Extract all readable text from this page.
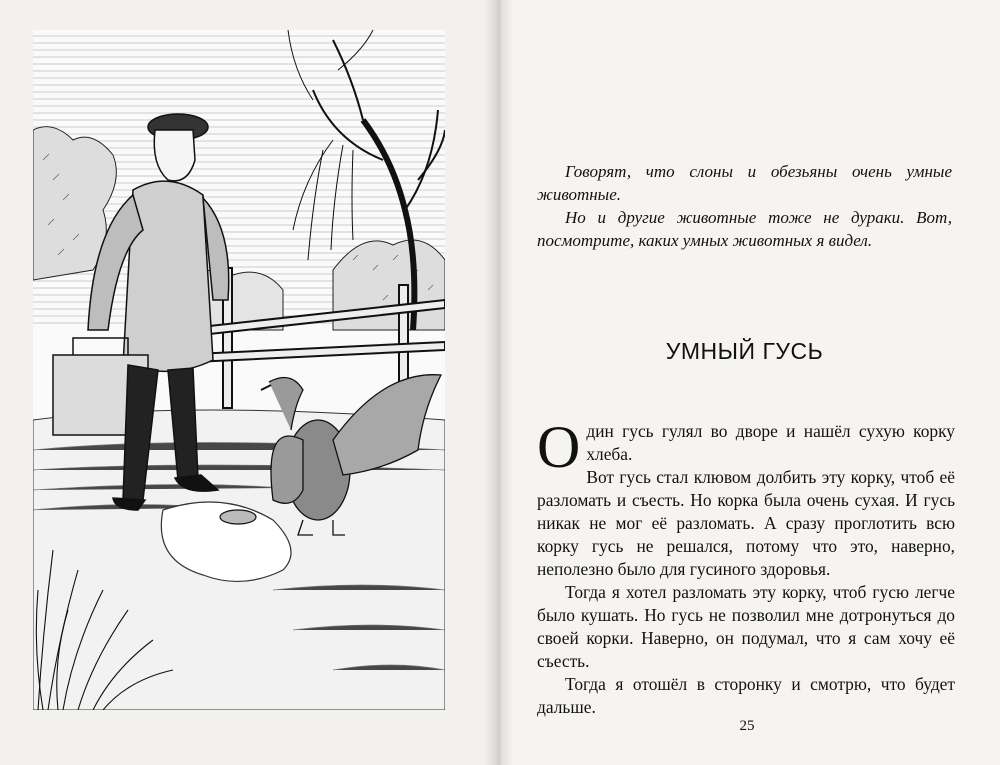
Говорят, что слоны и обезьяны очень умные животные.

Но и другие животные тоже не дураки. Вот, посмотрите, каких умных животных я видел.

УМНЫЙ ГУСЬ

Один гусь гулял во дворе и нашёл сухую корку хлеба.

Вот гусь стал клювом долбить эту корку, чтоб её разломать и съесть. Но корка была очень сухая. И гусь никак не мог её разломать. А сразу проглотить всю корку гусь не решался, потому что это, наверно, неполезно было для гусиного здоровья.

Тогда я хотел разломать эту корку, чтоб гусю легче было кушать. Но гусь не позволил мне дотронуться до своей корки. Наверно, он подумал, что я сам хочу её съесть.

Тогда я отошёл в сторонку и смотрю, что будет дальше.

25
